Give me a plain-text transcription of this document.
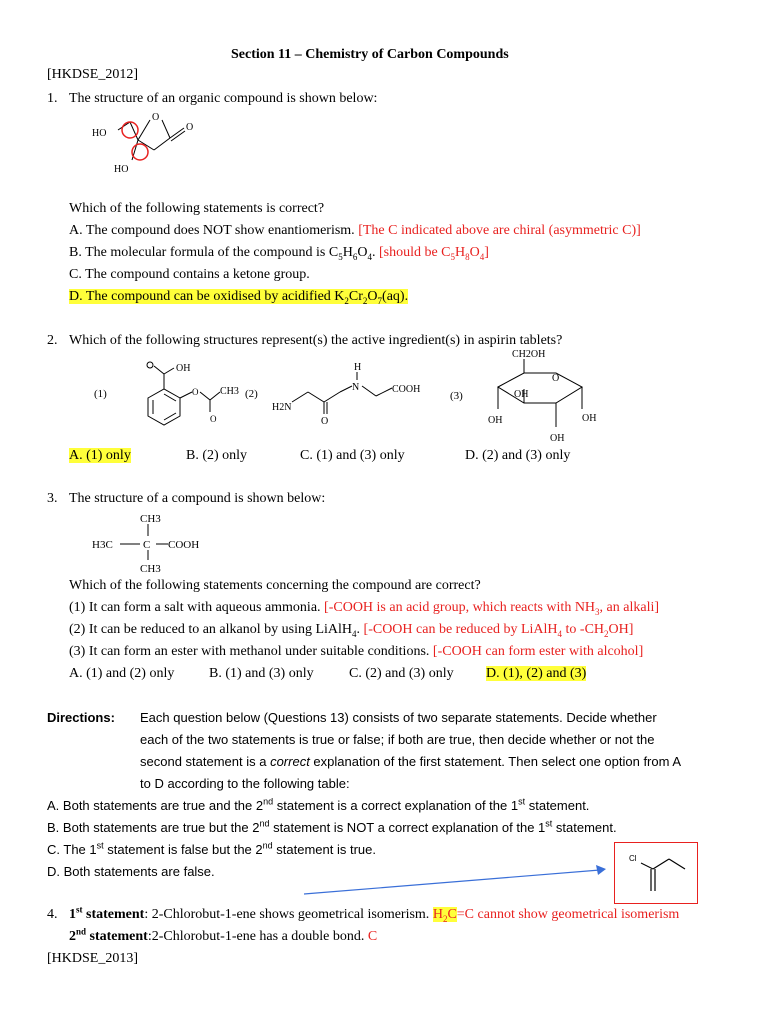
Section 11 – Chemistry of Carbon Compounds
[HKDSE_2012]
1. The structure of an organic compound is shown below:
HO
HO
O
O
Which of the following statements is correct?
A. The compound does NOT show enantiomerism. [The C indicated above are chiral (asymmetric C)]
B. The molecular formula of the compound is $C_5H_6O_4$. [should be $C_5H_8O_4$]
C. The compound contains a ketone group.
D. The compound can be oxidised by acidified $K_2Cr_2O_7(aq)$.
2. Which of the following structures represent(s) the active ingredient(s) in aspirin tablets?
(1)
OH
O
O
CH3 (2)
H
N	COOH
H2N
O
(3)
CH2OH
O
OH
OH	OH
OH
A. (1) only	B. (2) only	C. (1) and (3) only	D. (2) and (3) only
3. The structure of a compound is shown below:
CH3
H3C	C COOH
CH3
Which of the following statements concerning the compound are correct?
(1) It can form a salt with aqueous ammonia. [-COOH is an acid group, which reacts with $NH_3$, an alkali]
(2) It can be reduced to an alkanol by using LiAlH$_4$. [-COOH can be reduced by LiAlH$_4$ to $-CH_2OH$]
(3) It can form an ester with methanol under suitable conditions. [-COOH can form ester with alcohol]
A. (1) and (2) only B. (1) and (3) only	C. (2) and (3) only D. (1), (2) and (3)
Directions: Each question below (Questions 13) consists of two separate statements. Decide whether
each of the two statements is true or false; if both are true, then decide whether or not the
second statement is a correct explanation of the first statement. Then select one option from A
to D according to the following table:
A. Both statements are true and the 2nd statement is a correct explanation of the 1st statement.
B. Both statements are true but the 2nd statement is NOT a correct explanation of the 1st statement.
C. The 1st statement is false but the 2nd statement is true.
D. Both statements are false.
Cl
4. 1st statement: 2-Chlorobut-1-ene shows geometrical isomerism. $H_2C=C$ cannot show geometrical isomerism
2nd statement:2-Chlorobut-1-ene has a double bond. C
[HKDSE_2013]
